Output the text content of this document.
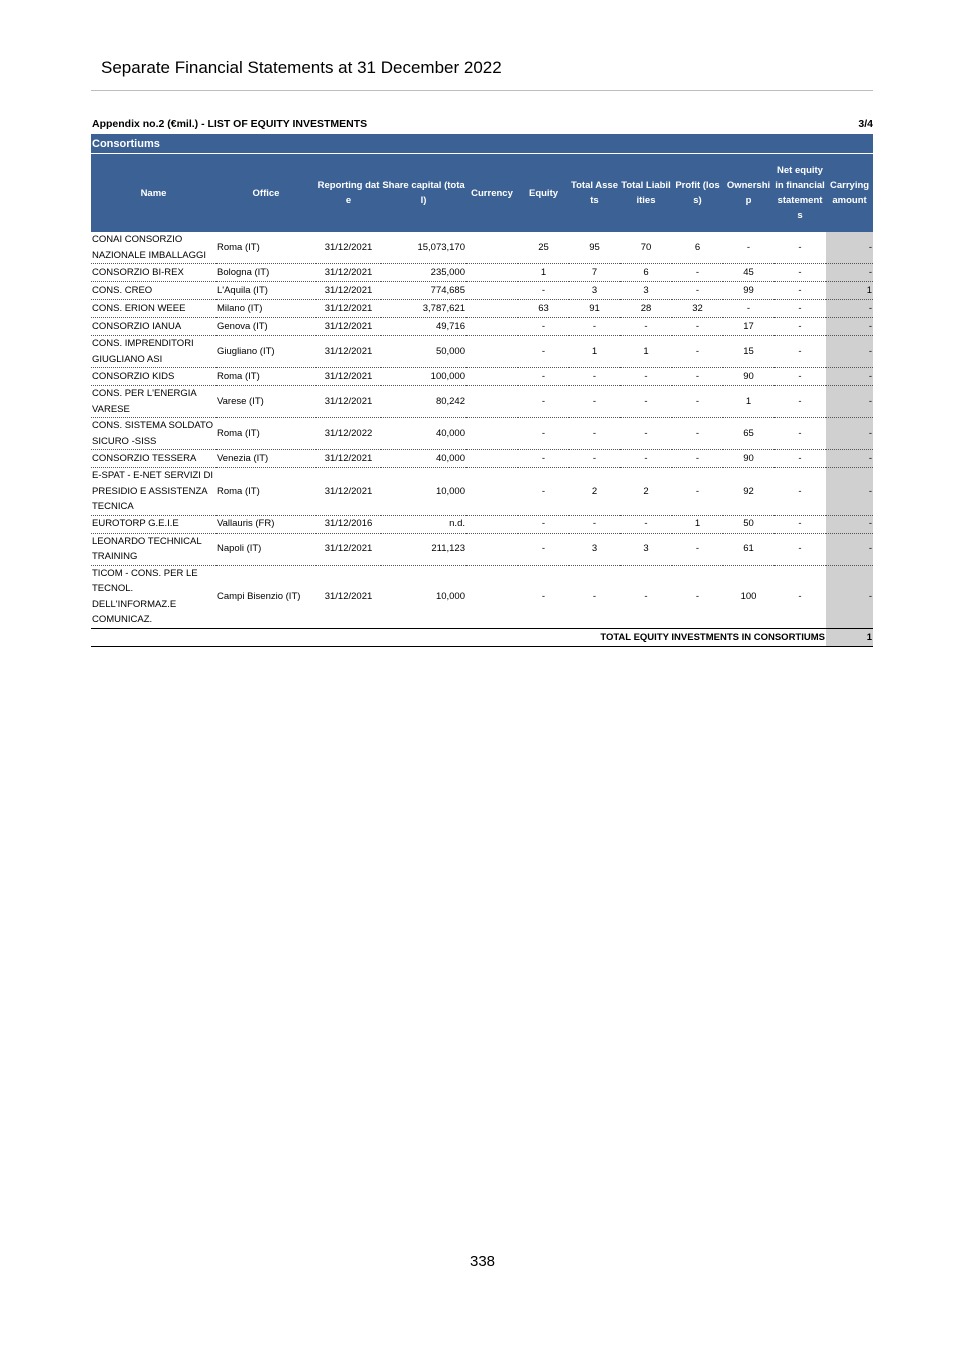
Separate Financial Statements at 31 December 2022
Appendix no.2 (€mil.) - LIST OF EQUITY INVESTMENTS	3/4
Consortiums											
Name	Office	Reporting date	Share capital (total)	Currency	Equity	Total Assets	Total Liabilities	Profit (loss)	Ownership	Net equity in financial statements	Carrying amount
CONAI CONSORZIO NAZIONALE IMBALLAGGI	Roma (IT)	31/12/2021	15,073,170		25	95	70	6	-	-	-
CONSORZIO BI-REX	Bologna (IT)	31/12/2021	235,000		1	7	6	-	45	-	-
CONS. CREO	L'Aquila (IT)	31/12/2021	774,685		-	3	3	-	99	-	1
CONS. ERION WEEE	Milano (IT)	31/12/2021	3,787,621		63	91	28	32	-	-	-
CONSORZIO IANUA	Genova (IT)	31/12/2021	49,716		-	-	-	-	17	-	-
CONS. IMPRENDITORI GIUGLIANO ASI	Giugliano (IT)	31/12/2021	50,000		-	1	1	-	15	-	-
CONSORZIO KIDS	Roma (IT)	31/12/2021	100,000		-	-	-	-	90	-	-
CONS. PER L'ENERGIA VARESE	Varese (IT)	31/12/2021	80,242		-	-	-	-	1	-	-
CONS. SISTEMA SOLDATO SICURO -SISS	Roma (IT)	31/12/2022	40,000		-	-	-	-	65	-	-
CONSORZIO TESSERA	Venezia (IT)	31/12/2021	40,000		-	-	-	-	90	-	-
E-SPAT - E-NET SERVIZI DI PRESIDIO E ASSISTENZA TECNICA	Roma (IT)	31/12/2021	10,000		-	2	2	-	92	-	-
EUROTORP G.E.I.E	Vallauris (FR)	31/12/2016	n.d.		-	-	-	1	50	-	-
LEONARDO TECHNICAL TRAINING	Napoli (IT)	31/12/2021	211,123		-	3	3	-	61	-	-
TICOM - CONS. PER LE TECNOL. DELL'INFORMAZ.E COMUNICAZ.	Campi Bisenzio (IT)	31/12/2021	10,000		-	-	-	-	100	-	-
TOTAL EQUITY INVESTMENTS IN CONSORTIUMS											1
338
